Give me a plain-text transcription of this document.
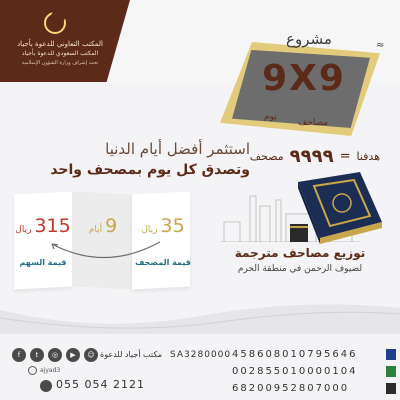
المكتب التعاوني للدعوة بأجياد
المكتب السعودي للدعوة بأجياد
تحت إشراف وزارة الشؤون الإسلامية
مشروع
9X9
يوم
مصاحف
≈
هدفنا
=
٩٩٩٩
مصحف
استثمر أفضل أيام الدنيا
وتصدق كل يوم بمصحف واحد
315
ريال	9
أيام	35
ريال
قيمة السهم	قيمة المصحف
توزيع مصاحف مترجمة
لضيوف الرحمن في منطقة الحرم
f	t	◎	▶	☺ مكتب أجياد للدعوة
ajyad3
055 054 2121
SA3280000 458608010795646
002855010000104
68200952807000
